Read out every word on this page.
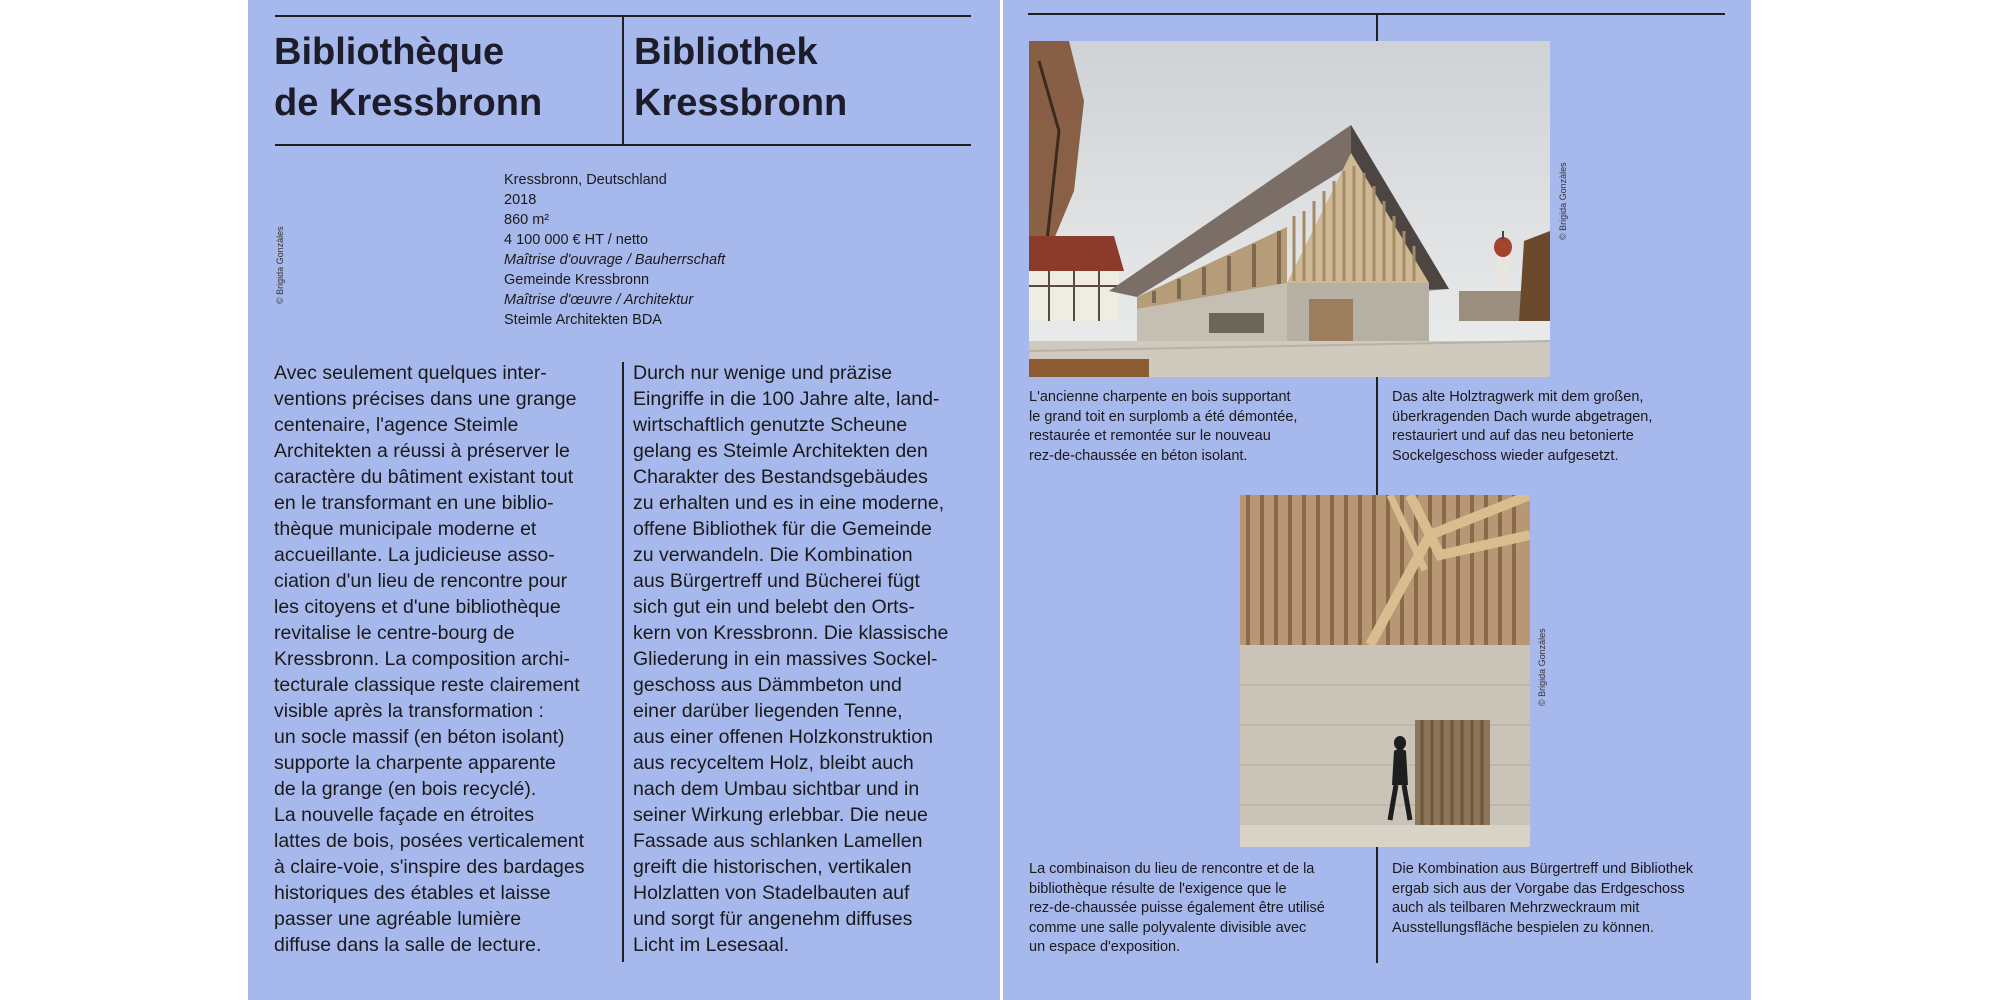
Bibliothèque
de Kressbronn
Bibliothek
Kressbronn
© Brigida Gonzàles
Kressbronn, Deutschland
2018
860 m²
4 100 000 € HT / netto
Maîtrise d'ouvrage / Bauherrschaft
Gemeinde Kressbronn
Maîtrise d'œuvre / Architektur
Steimle Architekten BDA
Avec seulement quelques inter-
ventions précises dans une grange
centenaire, l'agence Steimle
Architekten a réussi à préserver le
caractère du bâtiment existant tout
en le transformant en une biblio-
thèque municipale moderne et
accueillante. La judicieuse asso-
ciation d'un lieu de rencontre pour
les citoyens et d'une bibliothèque
revitalise le centre-bourg de
Kressbronn. La composition archi-
tecturale classique reste clairement
visible après la transformation :
un socle massif (en béton isolant)
supporte la charpente apparente
de la grange (en bois recyclé).
La nouvelle façade en étroites
lattes de bois, posées verticalement
à claire-voie, s'inspire des bardages
historiques des étables et laisse
passer une agréable lumière
diffuse dans la salle de lecture.
Durch nur wenige und präzise
Eingriffe in die 100 Jahre alte, land-
wirtschaftlich genutzte Scheune
gelang es Steimle Architekten den
Charakter des Bestandsgebäudes
zu erhalten und es in eine moderne,
offene Bibliothek für die Gemeinde
zu verwandeln. Die Kombination
aus Bürgertreff und Bücherei fügt
sich gut ein und belebt den Orts-
kern von Kressbronn. Die klassische
Gliederung in ein massives Sockel-
geschoss aus Dämmbeton und
einer darüber liegenden Tenne,
aus einer offenen Holzkonstruktion
aus recyceltem Holz, bleibt auch
nach dem Umbau sichtbar und in
seiner Wirkung erlebbar. Die neue
Fassade aus schlanken Lamellen
greift die historischen, vertikalen
Holzlatten von Stadelbauten auf
und sorgt für angenehm diffuses
Licht im Lesesaal.
© Brigida Gonzàles
L'ancienne charpente en bois supportant
le grand toit en surplomb a été démontée,
restaurée et remontée sur le nouveau
rez-de-chaussée en béton isolant.
Das alte Holztragwerk mit dem großen,
überkragenden Dach wurde abgetragen,
restauriert und auf das neu betonierte
Sockelgeschoss wieder aufgesetzt.
© Brigida Gonzàles
La combinaison du lieu de rencontre et de la
bibliothèque résulte de l'exigence que le
rez-de-chaussée puisse également être utilisé
comme une salle polyvalente divisible avec
un espace d'exposition.
Die Kombination aus Bürgertreff und Bibliothek
ergab sich aus der Vorgabe das Erdgeschoss
auch als teilbaren Mehrzweckraum mit
Ausstellungsfläche bespielen zu können.
